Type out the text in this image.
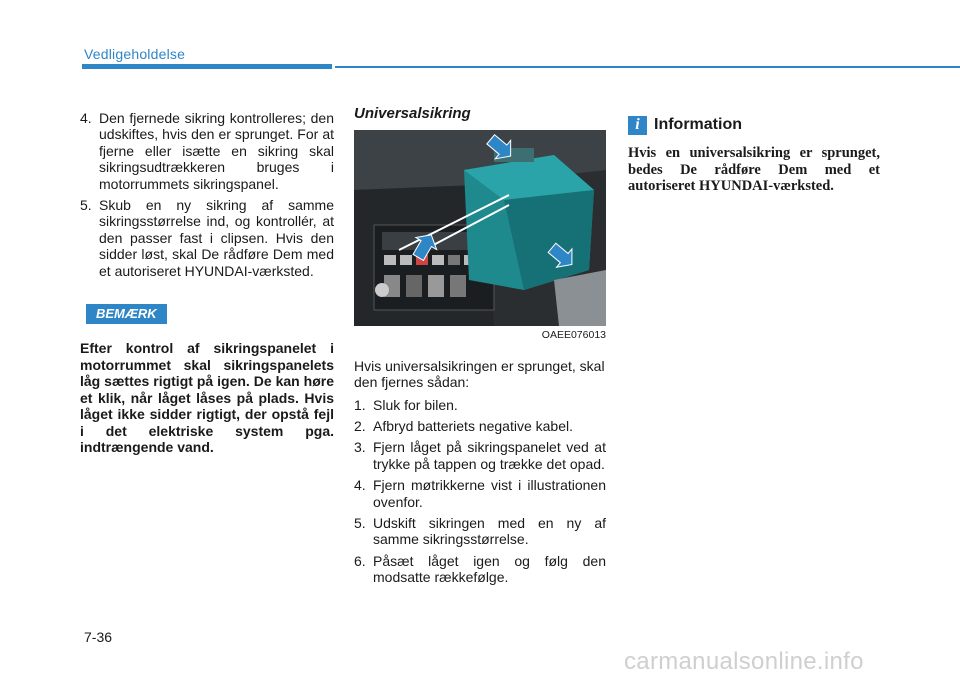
Vedligeholdelse
4. Den fjernede sikring kontrolleres; den udskiftes, hvis den er sprunget. For at fjerne eller isætte en sikring skal sikringsudtrækkeren bruges i motorrummets sikringspanel.
5. Skub en ny sikring af samme sikringsstørrelse ind, og kontrollér, at den passer fast i clipsen. Hvis den sidder løst, skal De rådføre Dem med et autoriseret HYUNDAI-værksted.
BEMÆRK
Efter kontrol af sikringspanelet i motorrummet skal sikringspanelets låg sættes rigtigt på igen. De kan høre et klik, når låget låses på plads. Hvis låget ikke sidder rigtigt, der opstå fejl i det elektriske system pga. indtrængende vand.
Universalsikring
OAEE076013
Hvis universalsikringen er sprunget, skal den fjernes sådan:
1. Sluk for bilen.
2. Afbryd batteriets negative kabel.
3. Fjern låget på sikringspanelet ved at trykke på tappen og trække det opad.
4. Fjern møtrikkerne vist i illustrationen ovenfor.
5. Udskift sikringen med en ny af samme sikringsstørrelse.
6. Påsæt låget igen og følg den modsatte rækkefølge.
i Information
Hvis en universalsikring er sprunget, bedes De rådføre Dem med et autoriseret HYUNDAI-værksted.
7-36
carmanualsonline.info
